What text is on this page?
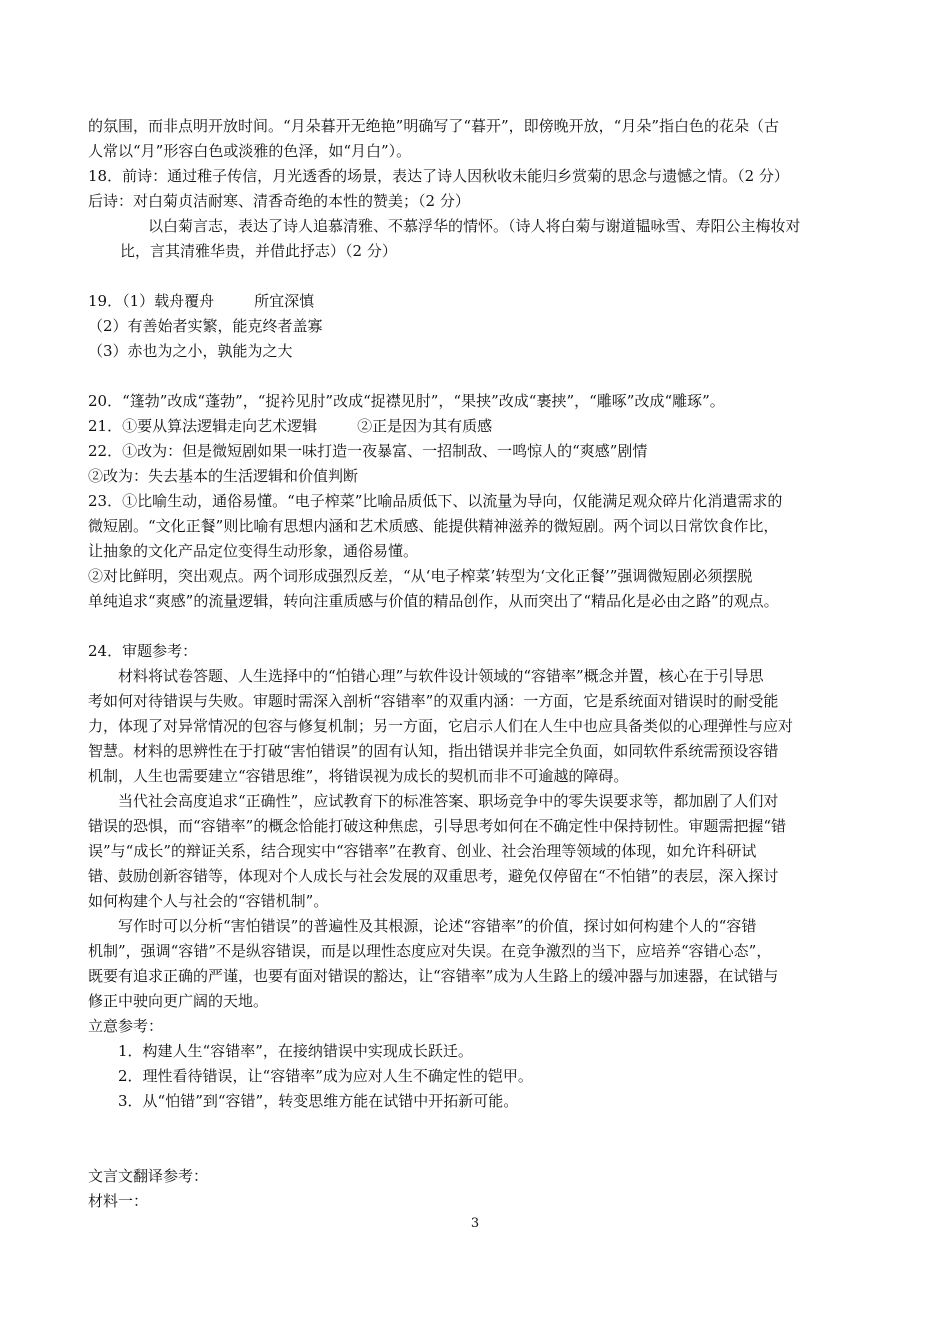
的氛围，而非点明开放时间。“月朵暮开无绝艳”明确写了“暮开”，即傍晚开放，“月朵”指白色的花朵（古
人常以“月”形容白色或淡雅的色泽，如“月白”）。
18．前诗：通过稚子传信，月光透香的场景，表达了诗人因秋收未能归乡赏菊的思念与遗憾之情。（2 分）
后诗：对白菊贞洁耐寒、清香奇绝的本性的赞美；（2 分）
以白菊言志，表达了诗人追慕清雅、不慕浮华的情怀。（诗人将白菊与谢道韫咏雪、寿阳公主梅妆对
比，言其清雅华贵，并借此抒志）（2 分）
19．（1）载舟覆舟	所宜深慎
（2）有善始者实繁，能克终者盖寡
（3）赤也为之小，孰能为之大
20．“篷勃”改成“蓬勃”，“捉衿见肘”改成“捉襟见肘”，“果挟”改成“裹挟”，“雕啄”改成“雕琢”。
21．①要从算法逻辑走向艺术逻辑	②正是因为其有质感
22．①改为：但是微短剧如果一味打造一夜暴富、一招制敌、一鸣惊人的“爽感”剧情
②改为：失去基本的生活逻辑和价值判断
23．①比喻生动，通俗易懂。“电子榨菜”比喻品质低下、以流量为导向，仅能满足观众碎片化消遣需求的
微短剧。“文化正餐”则比喻有思想内涵和艺术质感、能提供精神滋养的微短剧。两个词以日常饮食作比，
让抽象的文化产品定位变得生动形象，通俗易懂。
②对比鲜明，突出观点。两个词形成强烈反差，“从‘电子榨菜’转型为‘文化正餐’”强调微短剧必须摆脱
单纯追求“爽感”的流量逻辑，转向注重质感与价值的精品创作，从而突出了“精品化是必由之路”的观点。
24．审题参考：
材料将试卷答题、人生选择中的“怕错心理”与软件设计领域的“容错率”概念并置，核心在于引导思
考如何对待错误与失败。审题时需深入剖析“容错率”的双重内涵：一方面，它是系统面对错误时的耐受能
力，体现了对异常情况的包容与修复机制；另一方面，它启示人们在人生中也应具备类似的心理弹性与应对
智慧。材料的思辨性在于打破“害怕错误”的固有认知，指出错误并非完全负面，如同软件系统需预设容错
机制，人生也需要建立“容错思维”，将错误视为成长的契机而非不可逾越的障碍。
当代社会高度追求“正确性”，应试教育下的标准答案、职场竞争中的零失误要求等，都加剧了人们对
错误的恐惧，而“容错率”的概念恰能打破这种焦虑，引导思考如何在不确定性中保持韧性。审题需把握“错
误”与“成长”的辩证关系，结合现实中“容错率”在教育、创业、社会治理等领域的体现，如允许科研试
错、鼓励创新容错等，体现对个人成长与社会发展的双重思考，避免仅停留在“不怕错”的表层，深入探讨
如何构建个人与社会的“容错机制”。
写作时可以分析“害怕错误”的普遍性及其根源，论述“容错率”的价值，探讨如何构建个人的“容错
机制”，强调“容错”不是纵容错误，而是以理性态度应对失误。在竞争激烈的当下，应培养“容错心态”，
既要有追求正确的严谨，也要有面对错误的豁达，让“容错率”成为人生路上的缓冲器与加速器，在试错与
修正中驶向更广阔的天地。
立意参考：
1．构建人生“容错率”，在接纳错误中实现成长跃迁。
2．理性看待错误，让“容错率”成为应对人生不确定性的铠甲。
3．从“怕错”到“容错”，转变思维方能在试错中开拓新可能。
文言文翻译参考：
材料一：
3
